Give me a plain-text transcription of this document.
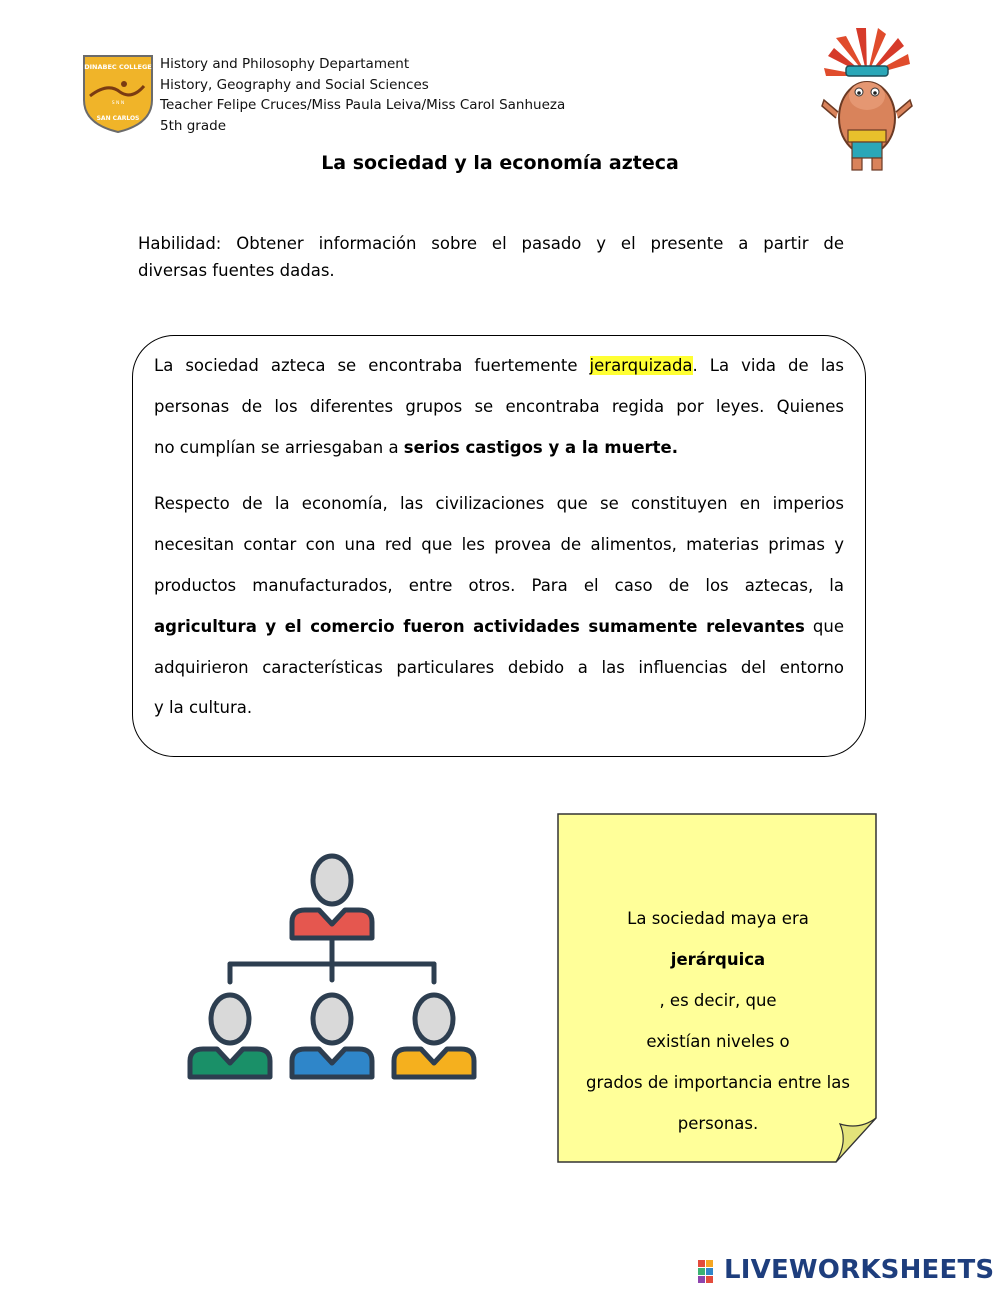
DINABEC COLLEGE
S N N
SAN CARLOS
History and Philosophy Departament
History, Geography and Social Sciences
Teacher Felipe Cruces/Miss Paula Leiva/Miss Carol Sanhueza
5th grade
La sociedad y la economía azteca
Habilidad: Obtener información sobre el pasado y el presente a partir de
diversas fuentes dadas.
La sociedad azteca se encontraba fuertemente jerarquizada. La vida de las
personas de los diferentes grupos se encontraba regida por leyes. Quienes
no cumplían se arriesgaban a serios castigos y a la muerte.
Respecto de la economía, las civilizaciones que se constituyen en imperios
necesitan contar con una red que les provea de alimentos, materias primas y
productos manufacturados, entre otros. Para el caso de los aztecas, la
agricultura y el comercio fueron actividades sumamente relevantes que
adquirieron características particulares debido a las influencias del entorno
y la cultura.
La sociedad maya era
jerárquica
, es decir, que
existían niveles o
grados de importancia entre las
personas.
LIVEWORKSHEETS
